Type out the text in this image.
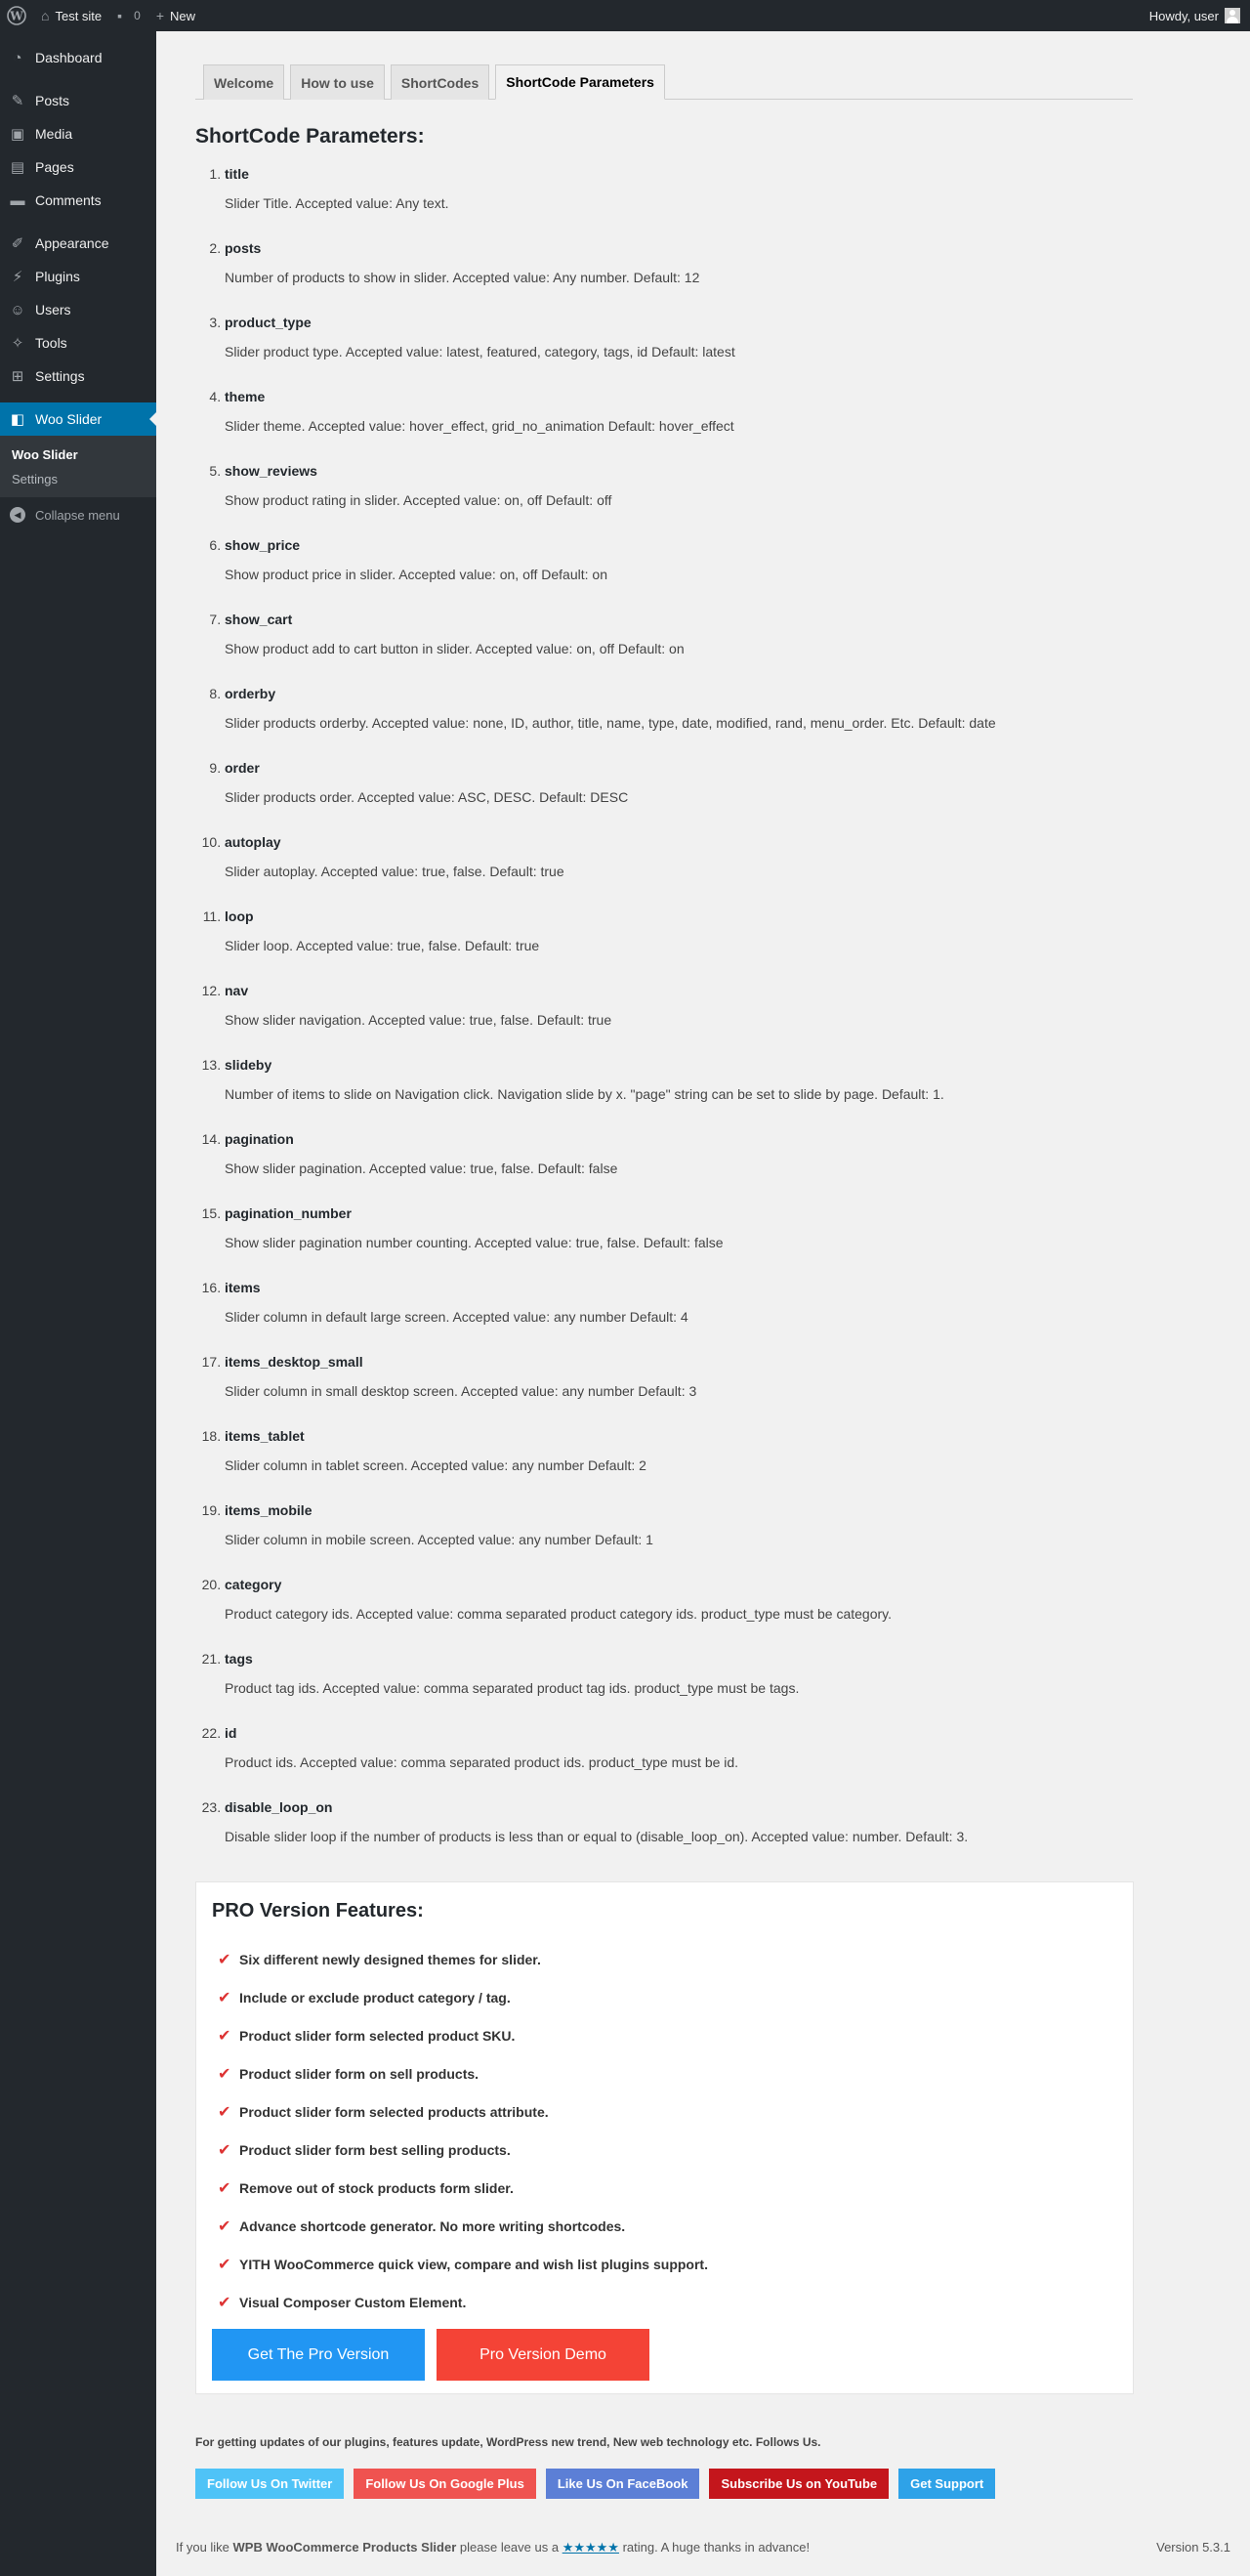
W ⌂ Test site ▪ 0 + New	Howdy, user
◔ Dashboard
✎ Posts
▣ Media
▤ Pages
▬ Comments
✐ Appearance
⚡ Plugins
☺ Users
✧ Tools
⊞ Settings
◧ Woo Slider
Woo Slider
Settings
◀	Collapse menu
Welcome	How to use	ShortCodes	ShortCode Parameters
ShortCode Parameters:
1. title
Slider Title. Accepted value: Any text.
2. posts
Number of products to show in slider. Accepted value: Any number. Default: 12
3. product_type
Slider product type. Accepted value: latest, featured, category, tags, id Default: latest
4. theme
Slider theme. Accepted value: hover_effect, grid_no_animation Default: hover_effect
5. show_reviews
Show product rating in slider. Accepted value: on, off Default: off
6. show_price
Show product price in slider. Accepted value: on, off Default: on
7. show_cart
Show product add to cart button in slider. Accepted value: on, off Default: on
8. orderby
Slider products orderby. Accepted value: none, ID, author, title, name, type, date, modified, rand, menu_order. Etc. Default: date
9. order
Slider products order. Accepted value: ASC, DESC. Default: DESC
10. autoplay
Slider autoplay. Accepted value: true, false. Default: true
11. loop
Slider loop. Accepted value: true, false. Default: true
12. nav
Show slider navigation. Accepted value: true, false. Default: true
13. slideby
Number of items to slide on Navigation click. Navigation slide by x. "page" string can be set to slide by page. Default: 1.
14. pagination
Show slider pagination. Accepted value: true, false. Default: false
15. pagination_number
Show slider pagination number counting. Accepted value: true, false. Default: false
16. items
Slider column in default large screen. Accepted value: any number Default: 4
17. items_desktop_small
Slider column in small desktop screen. Accepted value: any number Default: 3
18. items_tablet
Slider column in tablet screen. Accepted value: any number Default: 2
19. items_mobile
Slider column in mobile screen. Accepted value: any number Default: 1
20. category
Product category ids. Accepted value: comma separated product category ids. product_type must be category.
21. tags
Product tag ids. Accepted value: comma separated product tag ids. product_type must be tags.
22. id
Product ids. Accepted value: comma separated product ids. product_type must be id.
23. disable_loop_on
Disable slider loop if the number of products is less than or equal to (disable_loop_on). Accepted value: number. Default: 3.
PRO Version Features:
✔ Six different newly designed themes for slider.
✔ Include or exclude product category / tag.
✔ Product slider form selected product SKU.
✔ Product slider form on sell products.
✔ Product slider form selected products attribute.
✔ Product slider form best selling products.
✔ Remove out of stock products form slider.
✔ Advance shortcode generator. No more writing shortcodes.
✔ YITH WooCommerce quick view, compare and wish list plugins support.
✔ Visual Composer Custom Element.
Get The Pro Version	Pro Version Demo

For getting updates of our plugins, features update, WordPress new trend, New web technology etc. Follows Us.

Follow Us On Twitter	Follow Us On Google Plus	Like Us On FaceBook	Subscribe Us on YouTube	Get Support
If you like WPB WooCommerce Products Slider please leave us a ★★★★★ rating. A huge thanks in advance!	Version 5.3.1
